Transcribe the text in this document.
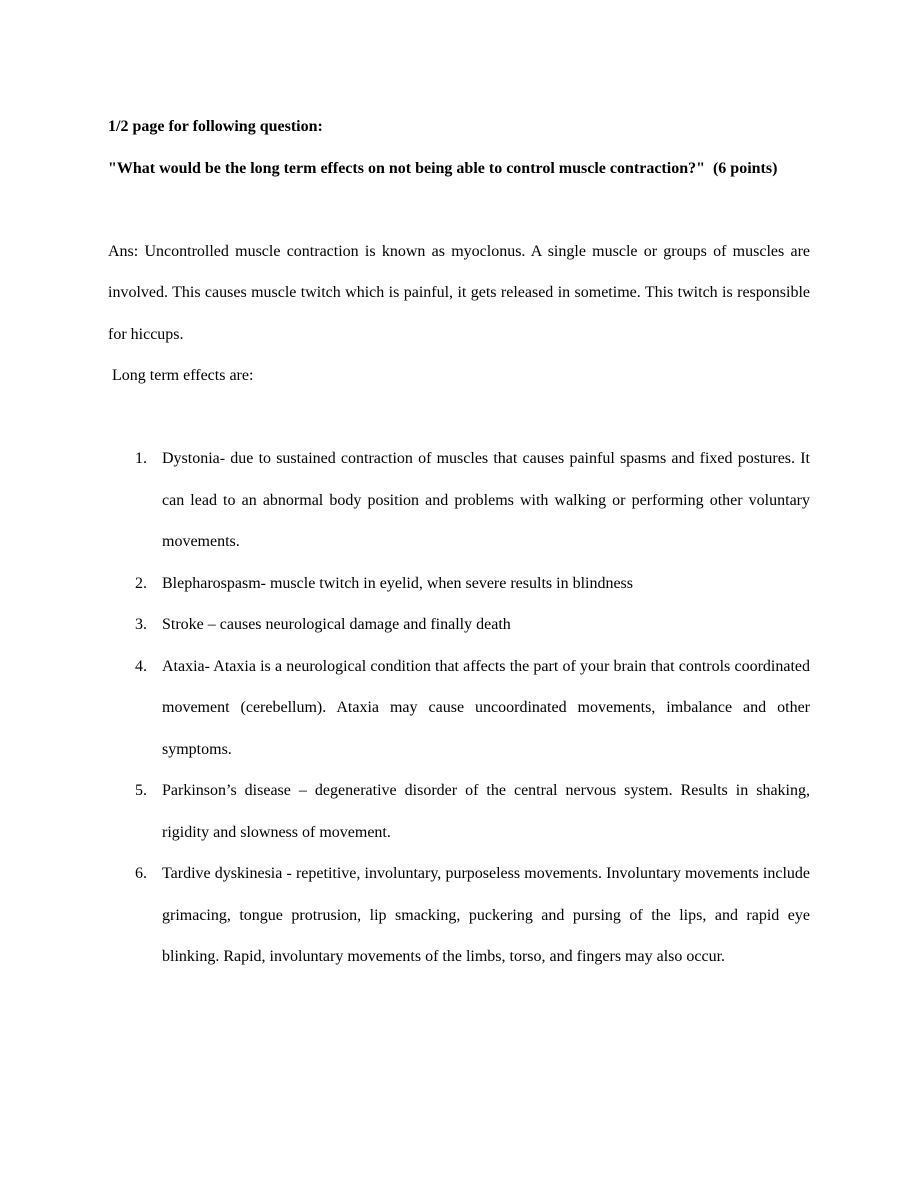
1/2 page for following question:

"What would be the long term effects on not being able to control muscle contraction?" (6 points)

Ans: Uncontrolled muscle contraction is known as myoclonus. A single muscle or groups of muscles are involved. This causes muscle twitch which is painful, it gets released in sometime. This twitch is responsible for hiccups.

Long term effects are:

1. Dystonia- due to sustained contraction of muscles that causes painful spasms and fixed postures. It can lead to an abnormal body position and problems with walking or performing other voluntary movements.
2. Blepharospasm- muscle twitch in eyelid, when severe results in blindness
3. Stroke – causes neurological damage and finally death
4. Ataxia- Ataxia is a neurological condition that affects the part of your brain that controls coordinated movement (cerebellum). Ataxia may cause uncoordinated movements, imbalance and other symptoms.
5. Parkinson’s disease – degenerative disorder of the central nervous system. Results in shaking, rigidity and slowness of movement.
6. Tardive dyskinesia - repetitive, involuntary, purposeless movements. Involuntary movements include grimacing, tongue protrusion, lip smacking, puckering and pursing of the lips, and rapid eye blinking. Rapid, involuntary movements of the limbs, torso, and fingers may also occur.
